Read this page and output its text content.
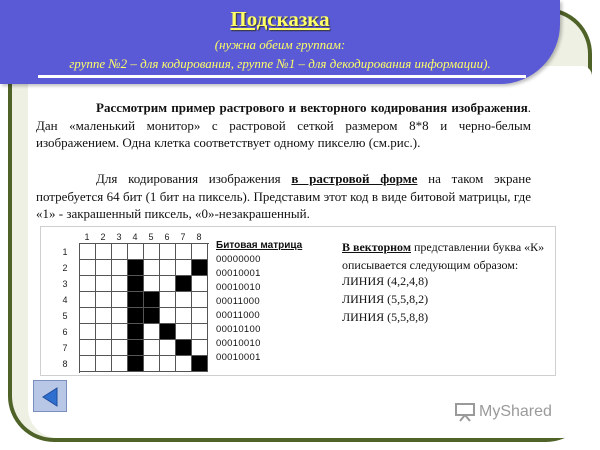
Подсказка
(нужна обеим группам:
группе №2 – для кодирования, группе №1 – для декодирования информации).
Рассмотрим пример растрового и векторного кодирования изображения. Дан «маленький монитор» с растровой сеткой размером 8*8 и черно-белым изображением. Одна клетка соответствует одному пикселю (см.рис.).
Для кодирования изображения в растровой форме на таком экране потребуется 64 бит (1 бит на пиксель). Представим этот код в виде битовой матрицы, где «1» - закрашенный пиксель, «0»-незакрашенный.
1	2	3	4	5	6	7	8
1
2
3
4
5
6
7
8
Битовая матрица
00000000
00010001
00010010
00011000
00011000
00010100
00010010
00010001
В векторном представлении буква «К»
описывается следующим образом:
ЛИНИЯ (4,2,4,8)
ЛИНИЯ (5,5,8,2)
ЛИНИЯ (5,5,8,8)
MyShared
